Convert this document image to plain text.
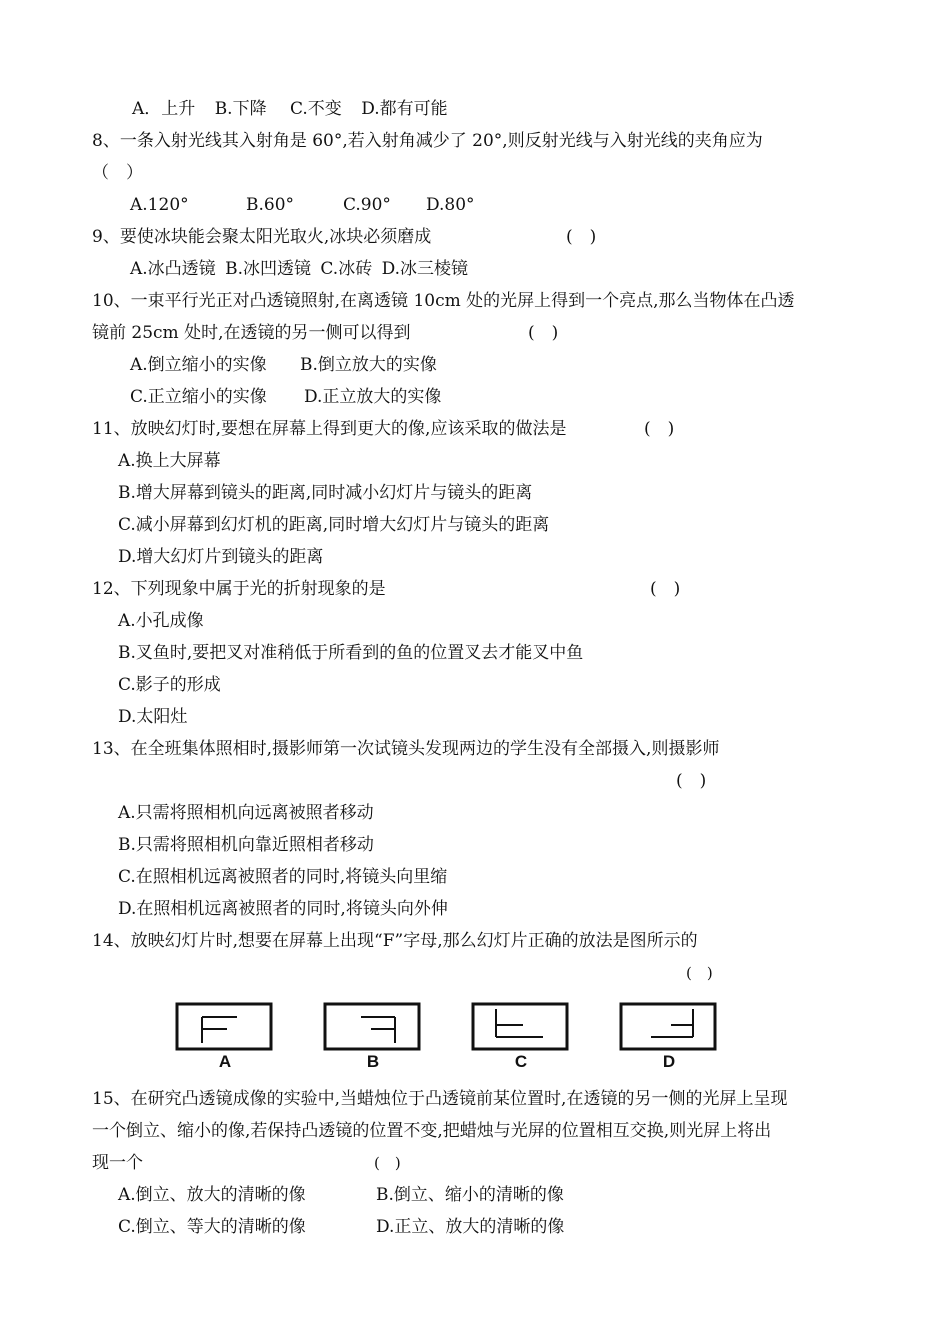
A．上升 B.下降 C.不变 D.都有可能
8、一条入射光线其入射角是 60°,若入射角减少了 20°,则反射光线与入射光线的夹角应为
（　）
A.120°	B.60°	C.90° D.80°
9、要使冰块能会聚太阳光取火,冰块必须磨成	(　)
A.冰凸透镜 B.冰凹透镜 C.冰砖 D.冰三棱镜
10、一束平行光正对凸透镜照射,在离透镜 10cm 处的光屏上得到一个亮点,那么当物体在凸透
镜前 25cm 处时,在透镜的另一侧可以得到	(　)
A.倒立缩小的实像 B.倒立放大的实像
C.正立缩小的实像 D.正立放大的实像
11、放映幻灯时,要想在屏幕上得到更大的像,应该采取的做法是	(　)
A.换上大屏幕
B.增大屏幕到镜头的距离,同时减小幻灯片与镜头的距离
C.减小屏幕到幻灯机的距离,同时增大幻灯片与镜头的距离
D.增大幻灯片到镜头的距离
12、下列现象中属于光的折射现象的是	(　)
A.小孔成像
B.叉鱼时,要把叉对准稍低于所看到的鱼的位置叉去才能叉中鱼
C.影子的形成
D.太阳灶
13、在全班集体照相时,摄影师第一次试镜头发现两边的学生没有全部摄入,则摄影师
(　)
A.只需将照相机向远离被照者移动
B.只需将照相机向靠近照相者移动
C.在照相机远离被照者的同时,将镜头向里缩
D.在照相机远离被照者的同时,将镜头向外伸
14、放映幻灯片时,想要在屏幕上出现“F”字母,那么幻灯片正确的放法是图所示的
(　)
A	B	C	D
15、在研究凸透镜成像的实验中,当蜡烛位于凸透镜前某位置时,在透镜的另一侧的光屏上呈现
一个倒立、缩小的像,若保持凸透镜的位置不变,把蜡烛与光屏的位置相互交换,则光屏上将出
现一个	(　)
A.倒立、放大的清晰的像	B.倒立、缩小的清晰的像
C.倒立、等大的清晰的像	D.正立、放大的清晰的像
